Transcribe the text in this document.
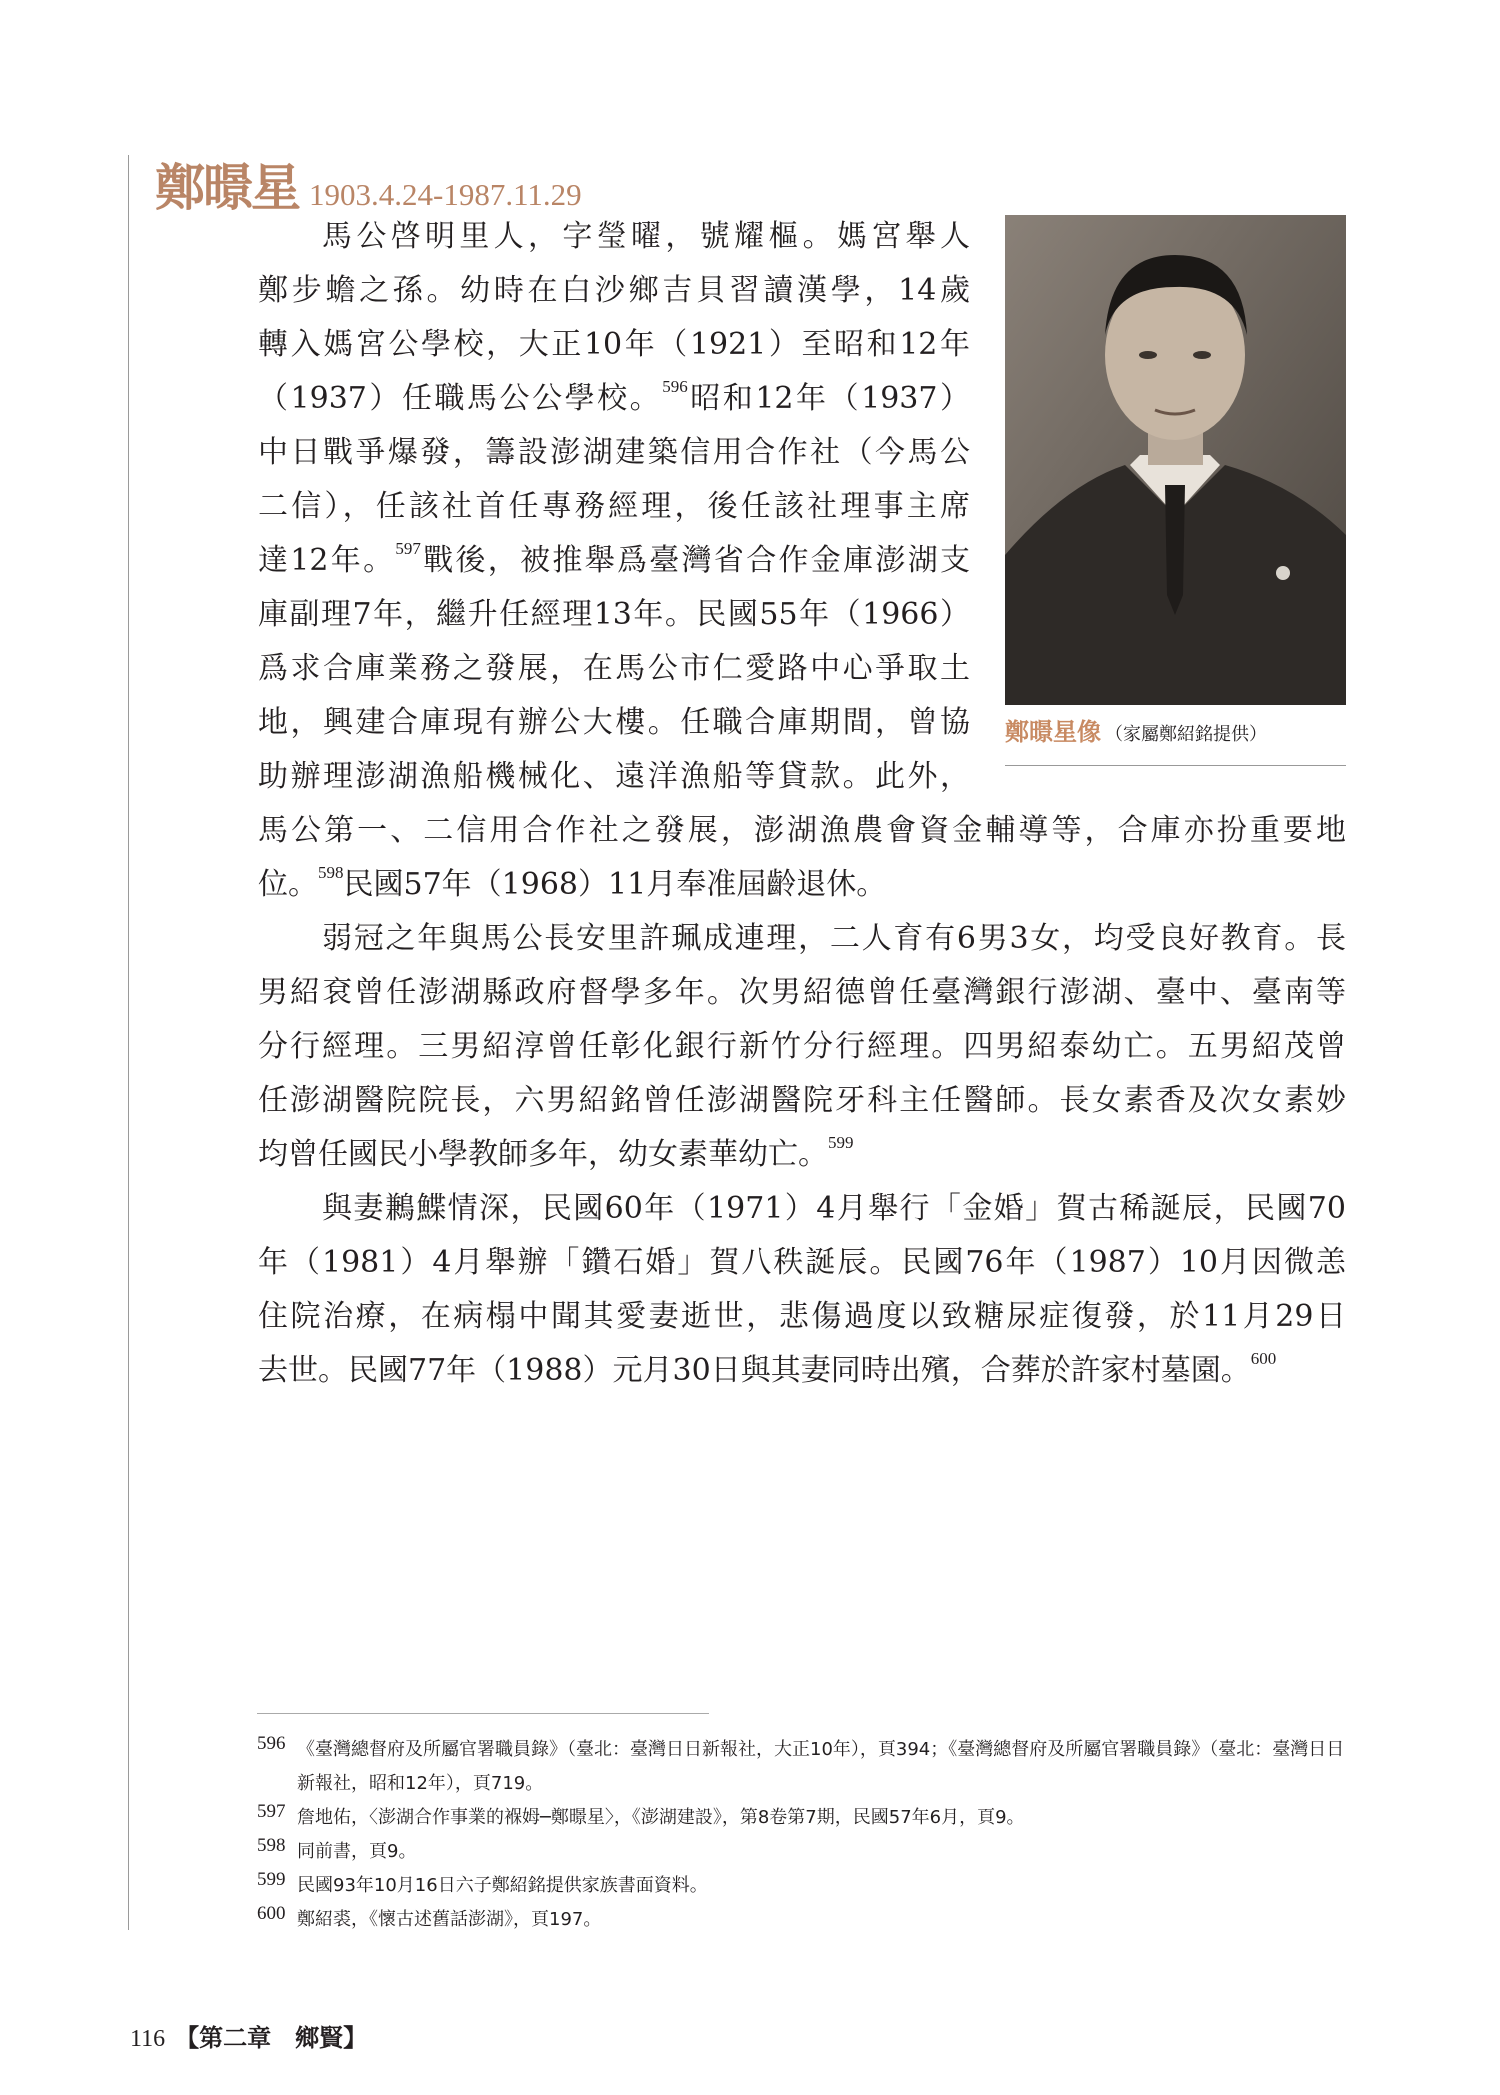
鄭暻星 1903.4.24-1987.11.29
鄭暻星像 （家屬鄭紹銘提供）
馬公啓明里人，字瑩曜，號耀樞。媽宮舉人
鄭步蟾之孫。幼時在白沙鄉吉貝習讀漢學，14歲
轉入媽宮公學校，大正10年（1921）至昭和12年
（1937）任職馬公公學校。$^{596}$昭和12年（1937）
中日戰爭爆發，籌設澎湖建築信用合作社（今馬公
二信），任該社首任專務經理，後任該社理事主席
達12年。$^{597}$戰後，被推舉爲臺灣省合作金庫澎湖支
庫副理7年，繼升任經理13年。民國55年（1966）
爲求合庫業務之發展，在馬公市仁愛路中心爭取土
地，興建合庫現有辦公大樓。任職合庫期間，曾協
助辦理澎湖漁船機械化、遠洋漁船等貸款。此外，
馬公第一、二信用合作社之發展，澎湖漁農會資金輔導等，合庫亦扮重要地
位。$^{598}$民國57年（1968）11月奉准屆齡退休。
弱冠之年與馬公長安里許珮成連理，二人育有6男3女，均受良好教育。長
男紹袞曾任澎湖縣政府督學多年。次男紹德曾任臺灣銀行澎湖、臺中、臺南等
分行經理。三男紹淳曾任彰化銀行新竹分行經理。四男紹泰幼亡。五男紹茂曾
任澎湖醫院院長，六男紹銘曾任澎湖醫院牙科主任醫師。長女素香及次女素妙
均曾任國民小學教師多年，幼女素華幼亡。$^{599}$
與妻鶼鰈情深，民國60年（1971）4月舉行「金婚」賀古稀誕辰，民國70
年（1981）4月舉辦「鑽石婚」賀八秩誕辰。民國76年（1987）10月因微恙
住院治療，在病榻中聞其愛妻逝世，悲傷過度以致糖尿症復發，於11月29日
去世。民國77年（1988）元月30日與其妻同時出殯，合葬於許家村墓園。$^{600}$
596 《臺灣總督府及所屬官署職員錄》（臺北：臺灣日日新報社，大正10年），頁394；《臺灣總督府及所屬官署職員錄》（臺北：臺灣日日新報社，昭和12年），頁719。
597 詹地佑，〈澎湖合作事業的褓姆─鄭暻星〉，《澎湖建設》，第8卷第7期，民國57年6月，頁9。
598 同前書，頁9。
599 民國93年10月16日六子鄭紹銘提供家族書面資料。
600 鄭紹裘，《懷古述舊話澎湖》，頁197。
116 【第二章　鄉賢】
